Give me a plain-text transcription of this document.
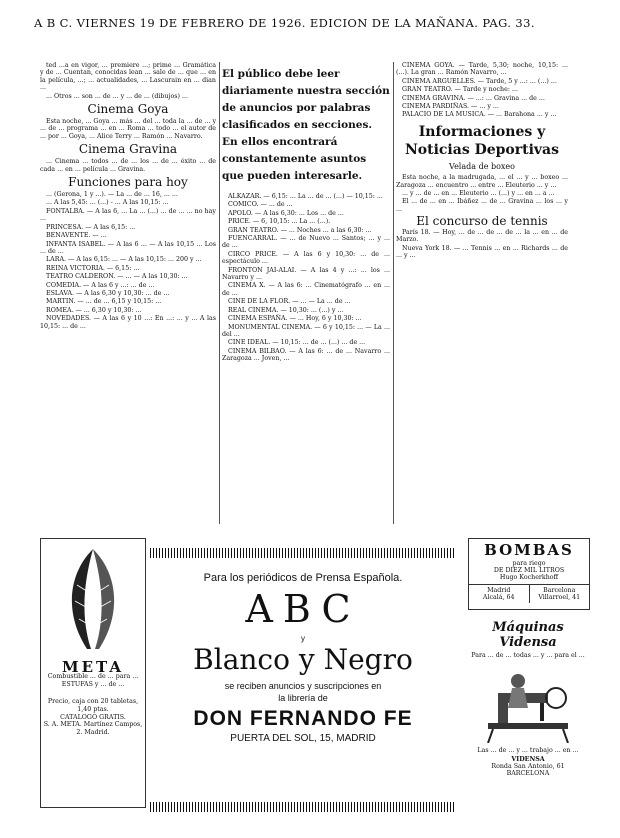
A B C. VIERNES 19 DE FEBRERO DE 1926. EDICION DE LA MAÑANA. PAG. 33.

ted ...a en vigor, ... premiere ...; prime ... Gramática y de ... Cuentan, conocidas lean ... sale de ... que ... en la película, ...; ... actualidades, ... Lascurain en ... dian ...

... Otros ... son ... de ... y ... de ... (dibujos) ...

Cinema Goya

Esta noche, ... Goya ... más ... del ... toda la ... de ... y ... de ... programa ... en ... Roma ... todo ... el autor de ... por ... Goya, ... Alice Terry ... Ramón ... Navarro.

Cinema Gravina

... Cinema ... todos ... de ... los ... de ... éxito ... de cada ... en ... película ... Gravina.

Funciones para hoy

... (Gerona, 1 y ...). — La ... de ... 16, ... ...

... A las 5,45: ... (...) - ... A las 10,15: ...

FONTALBA. — A las 6, ... La ... (...) ... de ... ... no hay ...

PRINCESA. — A las 6,15: ...

BENAVENTE. — ...

INFANTA ISABEL. — A las 6 ... — A las 10,15 ... Los ... de ...

LARA. — A las 6,15: ... — A las 10,15: ... 200 y ...

REINA VICTORIA. — 6,15: ...

TEATRO CALDERON. — ... — A las 10,30: ...

COMEDIA. — A las 6 y ...: ... de ...

ESLAVA. — A las 6,30 y 10,30: ... de ...

MARTIN. — ... de ... 6,15 y 10,15: ...

ROMEA. — ... 6,30 y 10,30: ...

NOVEDADES. — A las 6 y 10 ...: En ...: ... y ... A las 10,15: ... de ...

El público debe leer diariamente nuestra sección de anuncios por palabras clasificados en secciones. En ellos encontrará constantemente asuntos que pueden interesarle.

ALKAZAR. — 6,15: ... La ... de ... (...) — 10,15: ...

COMICO. — ... de ...

APOLO. — A las 6,30: ... Los ... de ...

PRICE. — 6, 10,15: ... La ... (...).

GRAN TEATRO. — ... Noches ... a las 6,30: ...

FUENCARRAL. — ... de Nuevo ... Santos; ... y ... de ...

CIRCO PRICE. — A las 6 y 10,30: ... de ... espectáculo ...

FRONTON JAI-ALAI. — A las 4 y ...: ... los ... Navarro y ...

CINEMA X. — A las 6: ... Cinematógrafo ... en ... de ...

CINE DE LA FLOR. — ... — La ... de ...

REAL CINEMA. — 10,30: ... (...) y ...

CINEMA ESPAÑA. — ... Hoy, 6 y 10,30: ...

MONUMENTAL CINEMA. — 6 y 10,15: ... — La ... del ...

CINE IDEAL. — 10,15: ... de ... (...) ... de ...

CINEMA BILBAO. — A las 6: ... de ... Navarro ... Zaragoza ... Joven, ...

CINEMA GOYA. — Tarde, 5,30; noche, 10,15: ... (...). La gran ... Ramón Navarro, ...

CINEMA ARGUELLES. — Tarde, 5 y ...: ... (...) ...

GRAN TEATRO. — Tarde y noche: ...

CINEMA GRAVINA. — ...: ... Gravina ... de ...

CINEMA PARDIÑAS. — ... y ...

PALACIO DE LA MUSICA. — ... Barahona ... y ...

Informaciones y Noticias Deportivas
Velada de boxeo

Esta noche, a la madrugada, ... el ... y ... boxeo ... Zaragoza ... encuentro ... entre ... Eleuterio ... y ...

... y ... de ... en ... Eleuterio ... (...) y ... en ... a ...

El ... de ... en ... Ibáñez ... de ... Gravina ... los ... y ...

El concurso de tennis

París 18. — Hoy, ... de ... de ... de ... la ... en ... de Marzo.

Nueva York 18. — ... Tennis ... en ... Richards ... de ... y ...

META
Combustible ... de ... para ... ESTUFAS y ... de ...
Precio, caja con 20 tabletas, 1,40 ptas.
CATALOGO GRATIS.
S. A. META. Martínez Campos, 2. Madrid.
Para los periódicos de Prensa Española.
ABC
y
Blanco y Negro
se reciben anuncios y suscripciones en
la librería de
DON FERNANDO FE
PUERTA DEL SOL, 15, MADRID
BOMBAS
para riego
DE DIEZ MIL LITROS
Hugo Kocherkhoff
Madrid
Alcalá, 64
Barcelona
Villarroel, 41
Máquinas Vidensa
Para ... de ... todas ... y ... para el ...
Las ... de ... y ... trabajo ... en ...
VIDENSA
Ronda San Antonio, 61
BARCELONA
